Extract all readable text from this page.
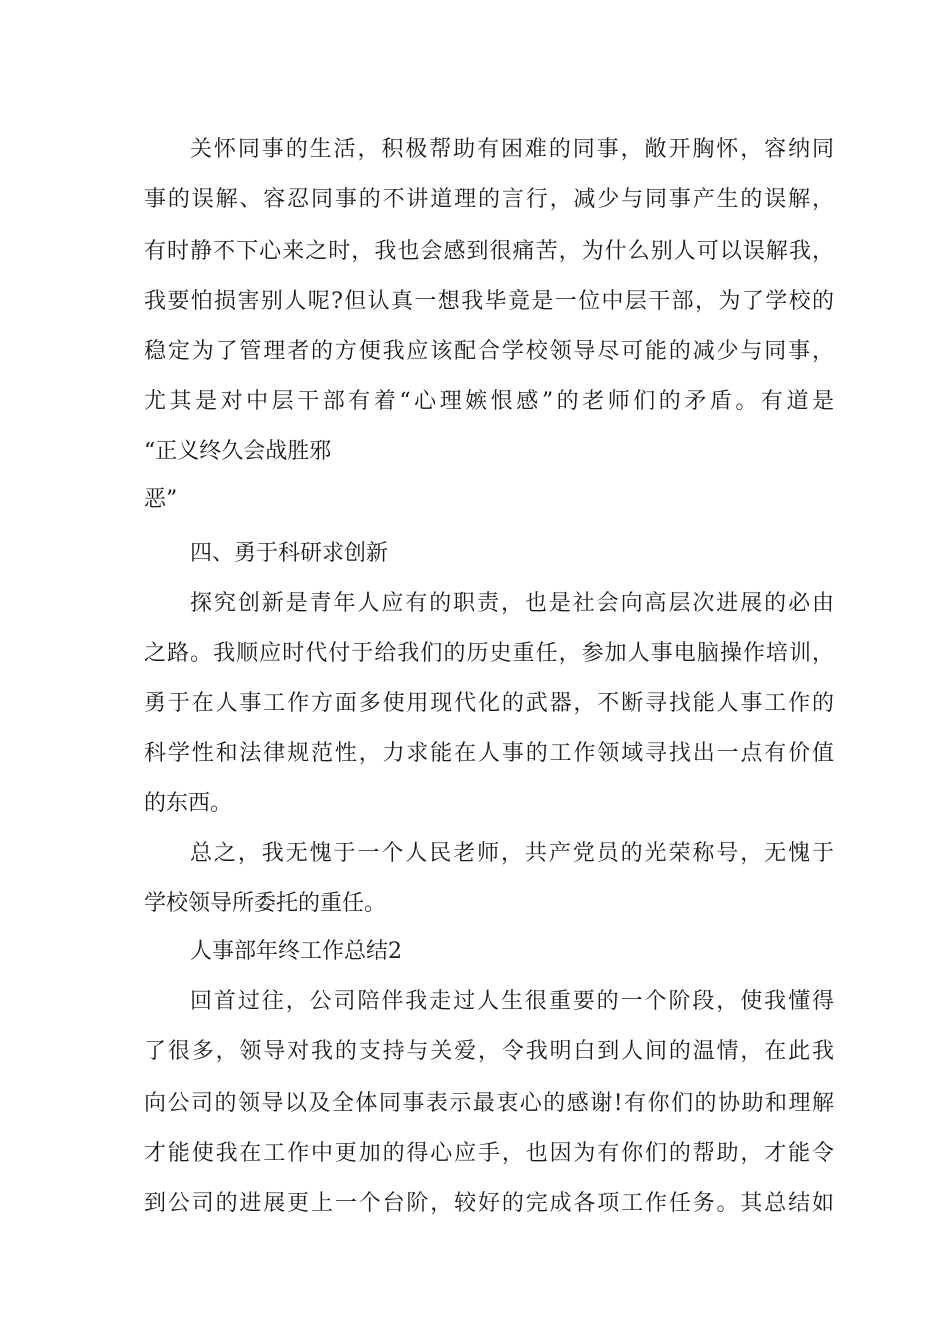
关怀同事的生活，积极帮助有困难的同事，敞开胸怀，容纳同
事的误解、容忍同事的不讲道理的言行，减少与同事产生的误解，
有时静不下心来之时，我也会感到很痛苦，为什么别人可以误解我，
我要怕损害别人呢?但认真一想我毕竟是一位中层干部，为了学校的
稳定为了管理者的方便我应该配合学校领导尽可能的减少与同事，
尤其是对中层干部有着“心理嫉恨感”的老师们的矛盾。有道是
“正义终久会战胜邪
恶”
四、勇于科研求创新
探究创新是青年人应有的职责，也是社会向高层次进展的必由
之路。我顺应时代付于给我们的历史重任，参加人事电脑操作培训，
勇于在人事工作方面多使用现代化的武器，不断寻找能人事工作的
科学性和法律规范性，力求能在人事的工作领域寻找出一点有价值
的东西。
总之，我无愧于一个人民老师，共产党员的光荣称号，无愧于
学校领导所委托的重任。
人事部年终工作总结2
回首过往，公司陪伴我走过人生很重要的一个阶段，使我懂得
了很多，领导对我的支持与关爱，令我明白到人间的温情，在此我
向公司的领导以及全体同事表示最衷心的感谢!有你们的协助和理解
才能使我在工作中更加的得心应手，也因为有你们的帮助，才能令
到公司的进展更上一个台阶，较好的完成各项工作任务。其总结如
